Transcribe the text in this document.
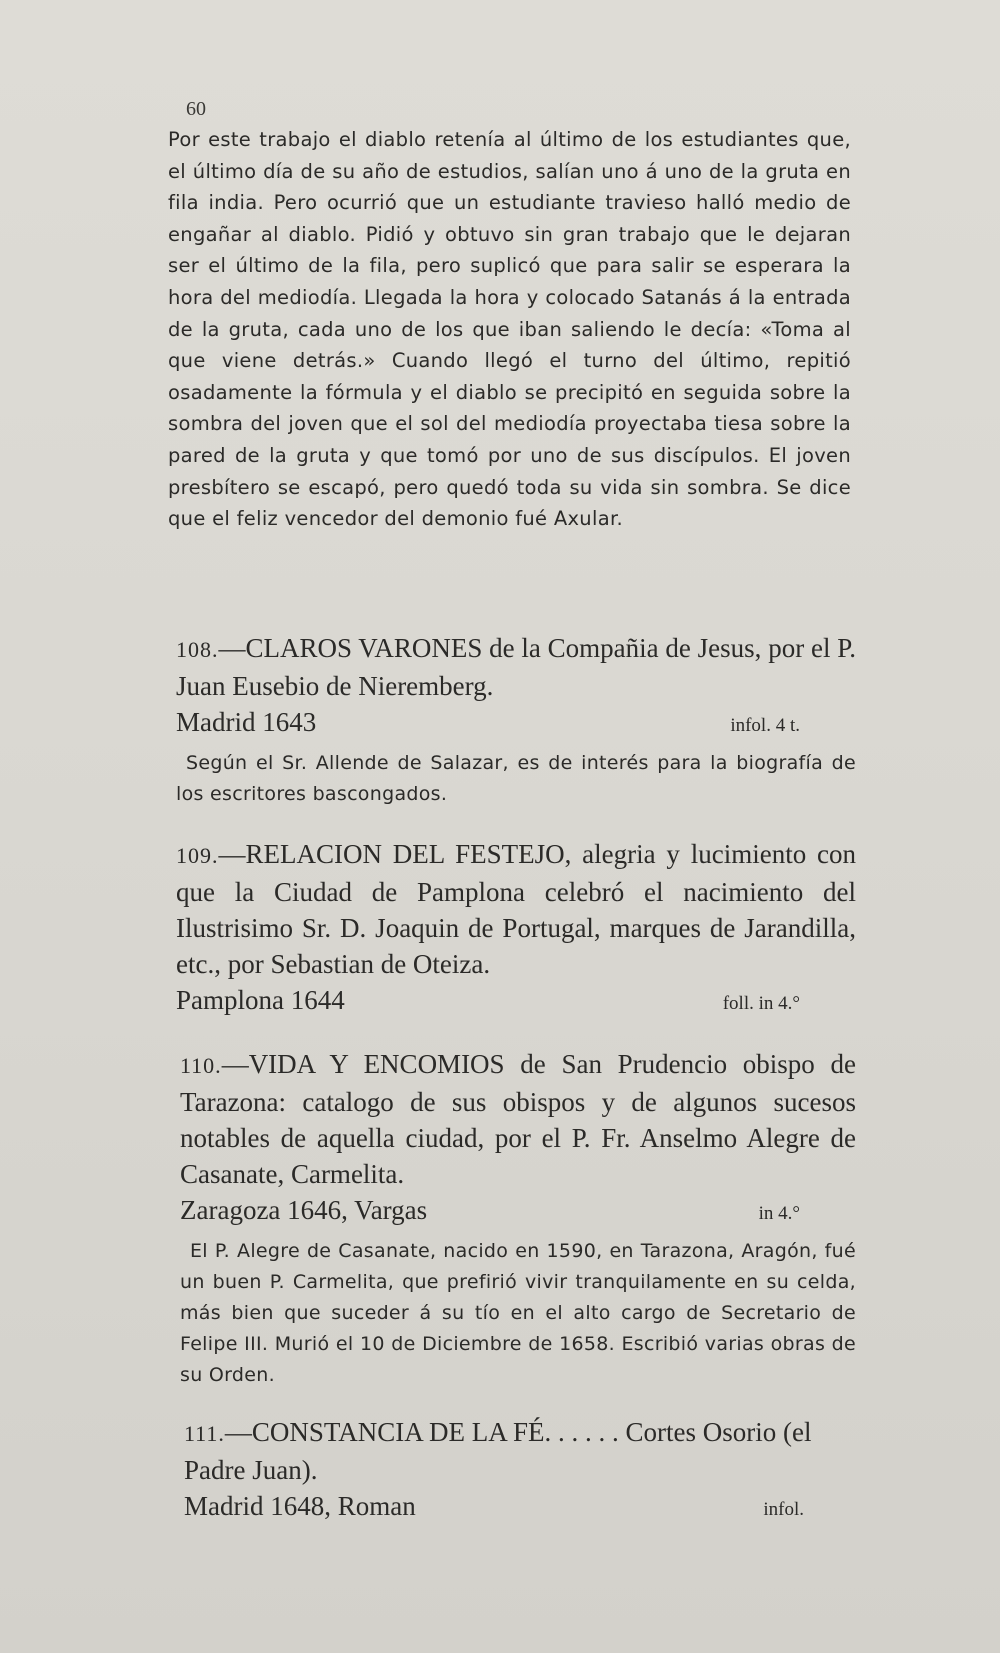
60

Por este trabajo el diablo retenía al último de los estudiantes que, el último día de su año de estudios, salían uno á uno de la gruta en fila india. Pero ocurrió que un estudiante travieso halló medio de engañar al diablo. Pidió y obtuvo sin gran trabajo que le dejaran ser el último de la fila, pero suplicó que para salir se esperara la hora del mediodía. Llegada la hora y colocado Satanás á la entrada de la gruta, cada uno de los que iban saliendo le decía: «Toma al que viene detrás.» Cuando llegó el turno del último, repitió osadamente la fórmula y el diablo se precipitó en seguida sobre la sombra del joven que el sol del mediodía proyectaba tiesa sobre la pared de la gruta y que tomó por uno de sus discípulos. El joven presbítero se escapó, pero quedó toda su vida sin sombra. Se dice que el feliz vencedor del demonio fué Axular.

108.—CLAROS VARONES de la Compañia de Jesus, por el P. Juan Eusebio de Nieremberg.

Madrid 1643	infol. 4 t.

Según el Sr. Allende de Salazar, es de interés para la biografía de los escritores bascongados.

109.—RELACION DEL FESTEJO, alegria y lucimiento con que la Ciudad de Pamplona celebró el nacimiento del Ilustrisimo Sr. D. Joaquin de Portugal, marques de Jarandilla, etc., por Sebastian de Oteiza.

Pamplona 1644	foll. in 4.°

110.—VIDA Y ENCOMIOS de San Prudencio obispo de Tarazona: catalogo de sus obispos y de algunos sucesos notables de aquella ciudad, por el P. Fr. Anselmo Alegre de Casanate, Carmelita.

Zaragoza 1646, Vargas	in 4.°

El P. Alegre de Casanate, nacido en 1590, en Tarazona, Aragón, fué un buen P. Carmelita, que prefirió vivir tranquilamente en su celda, más bien que suceder á su tío en el alto cargo de Secretario de Felipe III. Murió el 10 de Diciembre de 1658. Escribió varias obras de su Orden.

111.—CONSTANCIA DE LA FÉ. . . . . . Cortes Osorio (el Padre Juan).

Madrid 1648, Roman	infol.
